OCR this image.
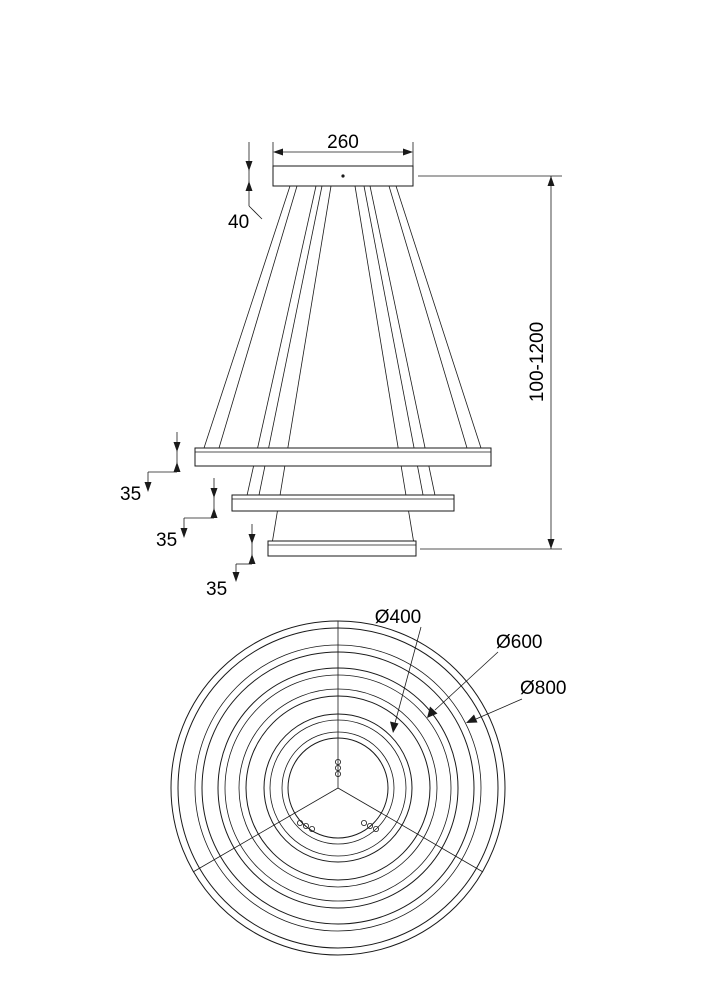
260
40
100-1200
35
35
35
Ø400
Ø600
Ø800
